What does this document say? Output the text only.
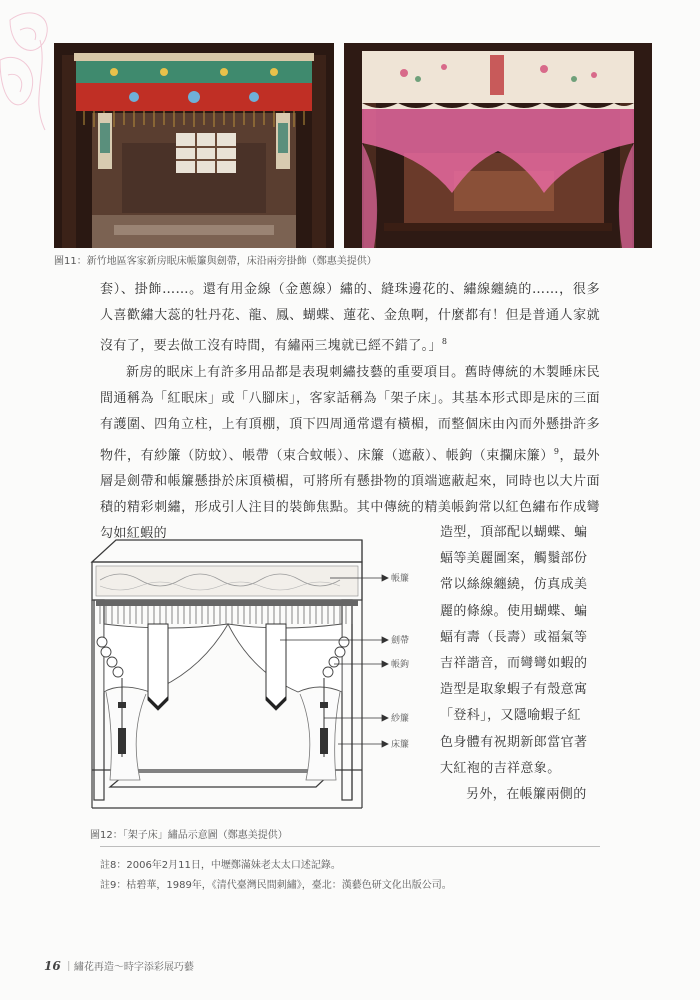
圖11：新竹地區客家新房眠床帳簾與劍帶，床沿兩旁掛飾（鄭惠美提供）

套）、掛飾……。還有用金線（金蔥線）繡的、縫珠邊花的、繡線纏繞的……，很多人喜歡繡大蕊的牡丹花、龍、鳳、蝴蝶、蓮花、金魚啊，什麼都有！但是普通人家就沒有了，要去做工沒有時間，有繡兩三塊就已經不錯了。」$^8$

新房的眠床上有許多用品都是表現刺繡技藝的重要項目。舊時傳統的木製睡床民間通稱為「紅眠床」或「八腳床」，客家話稱為「架子床」。其基本形式即是床的三面有護圍、四角立柱，上有頂棚，頂下四周通常還有橫楣，而整個床由內而外懸掛許多物件，有紗簾（防蚊）、帳帶（束合蚊帳）、床簾（遮蔽）、帳鉤（束攔床簾）$^9$，最外層是劍帶和帳簾懸掛於床頂橫楣，可將所有懸掛物的頂端遮蔽起來，同時也以大片面積的精彩刺繡，形成引人注目的裝飾焦點。其中傳統的精美帳鉤常以紅色繡布作成彎勾如紅蝦的	造型，頂部配以蝴蝶、蝙

蝠等美麗圖案，觸鬚部份

常以絲線纏繞，仿真成美

麗的條線。使用蝴蝶、蝙

蝠有壽（長壽）或福氣等

吉祥諧音，而彎彎如蝦的

造型是取象蝦子有殼意寓

「登科」，又隱喻蝦子紅

色身體有祝期新郎當官著

大紅袍的吉祥意象。

另外，在帳簾兩側的

帳簾
劍帶
帳鉤
紗簾
床簾
圖12：「架子床」繡品示意圖（鄭惠美提供）
註8：2006年2月11日，中壢鄭滿妹老太太口述記錄。
註9：枯碧華，1989年，《清代臺灣民間刺繡》，臺北：漢藝色研文化出版公司。
16 ｜繡花再造～時字添彩展巧藝
